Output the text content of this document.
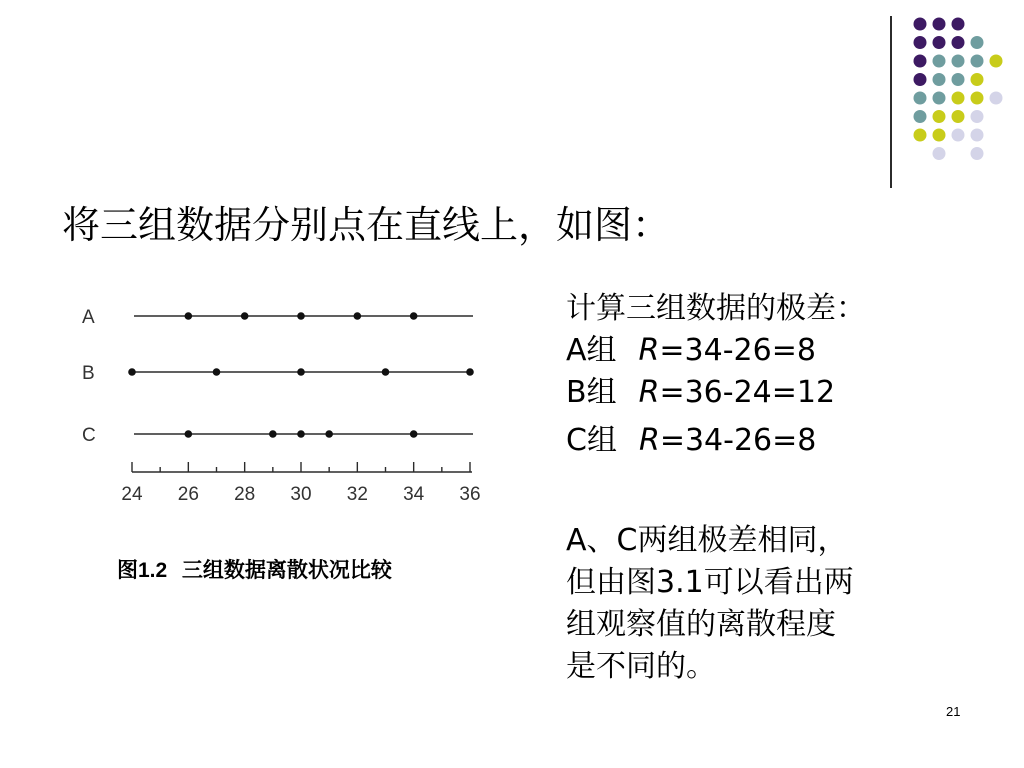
将三组数据分别点在直线上，如图：
A
B
C
24 26 28 30 32 34 36
图1.2 三组数据离散状况比较
计算三组数据的极差：
A组 R=34-26=8
B组 R=36-24=12
C组 R=34-26=8
A、C两组极差相同，
但由图3.1可以看出两
组观察值的离散程度
是不同的。
21
